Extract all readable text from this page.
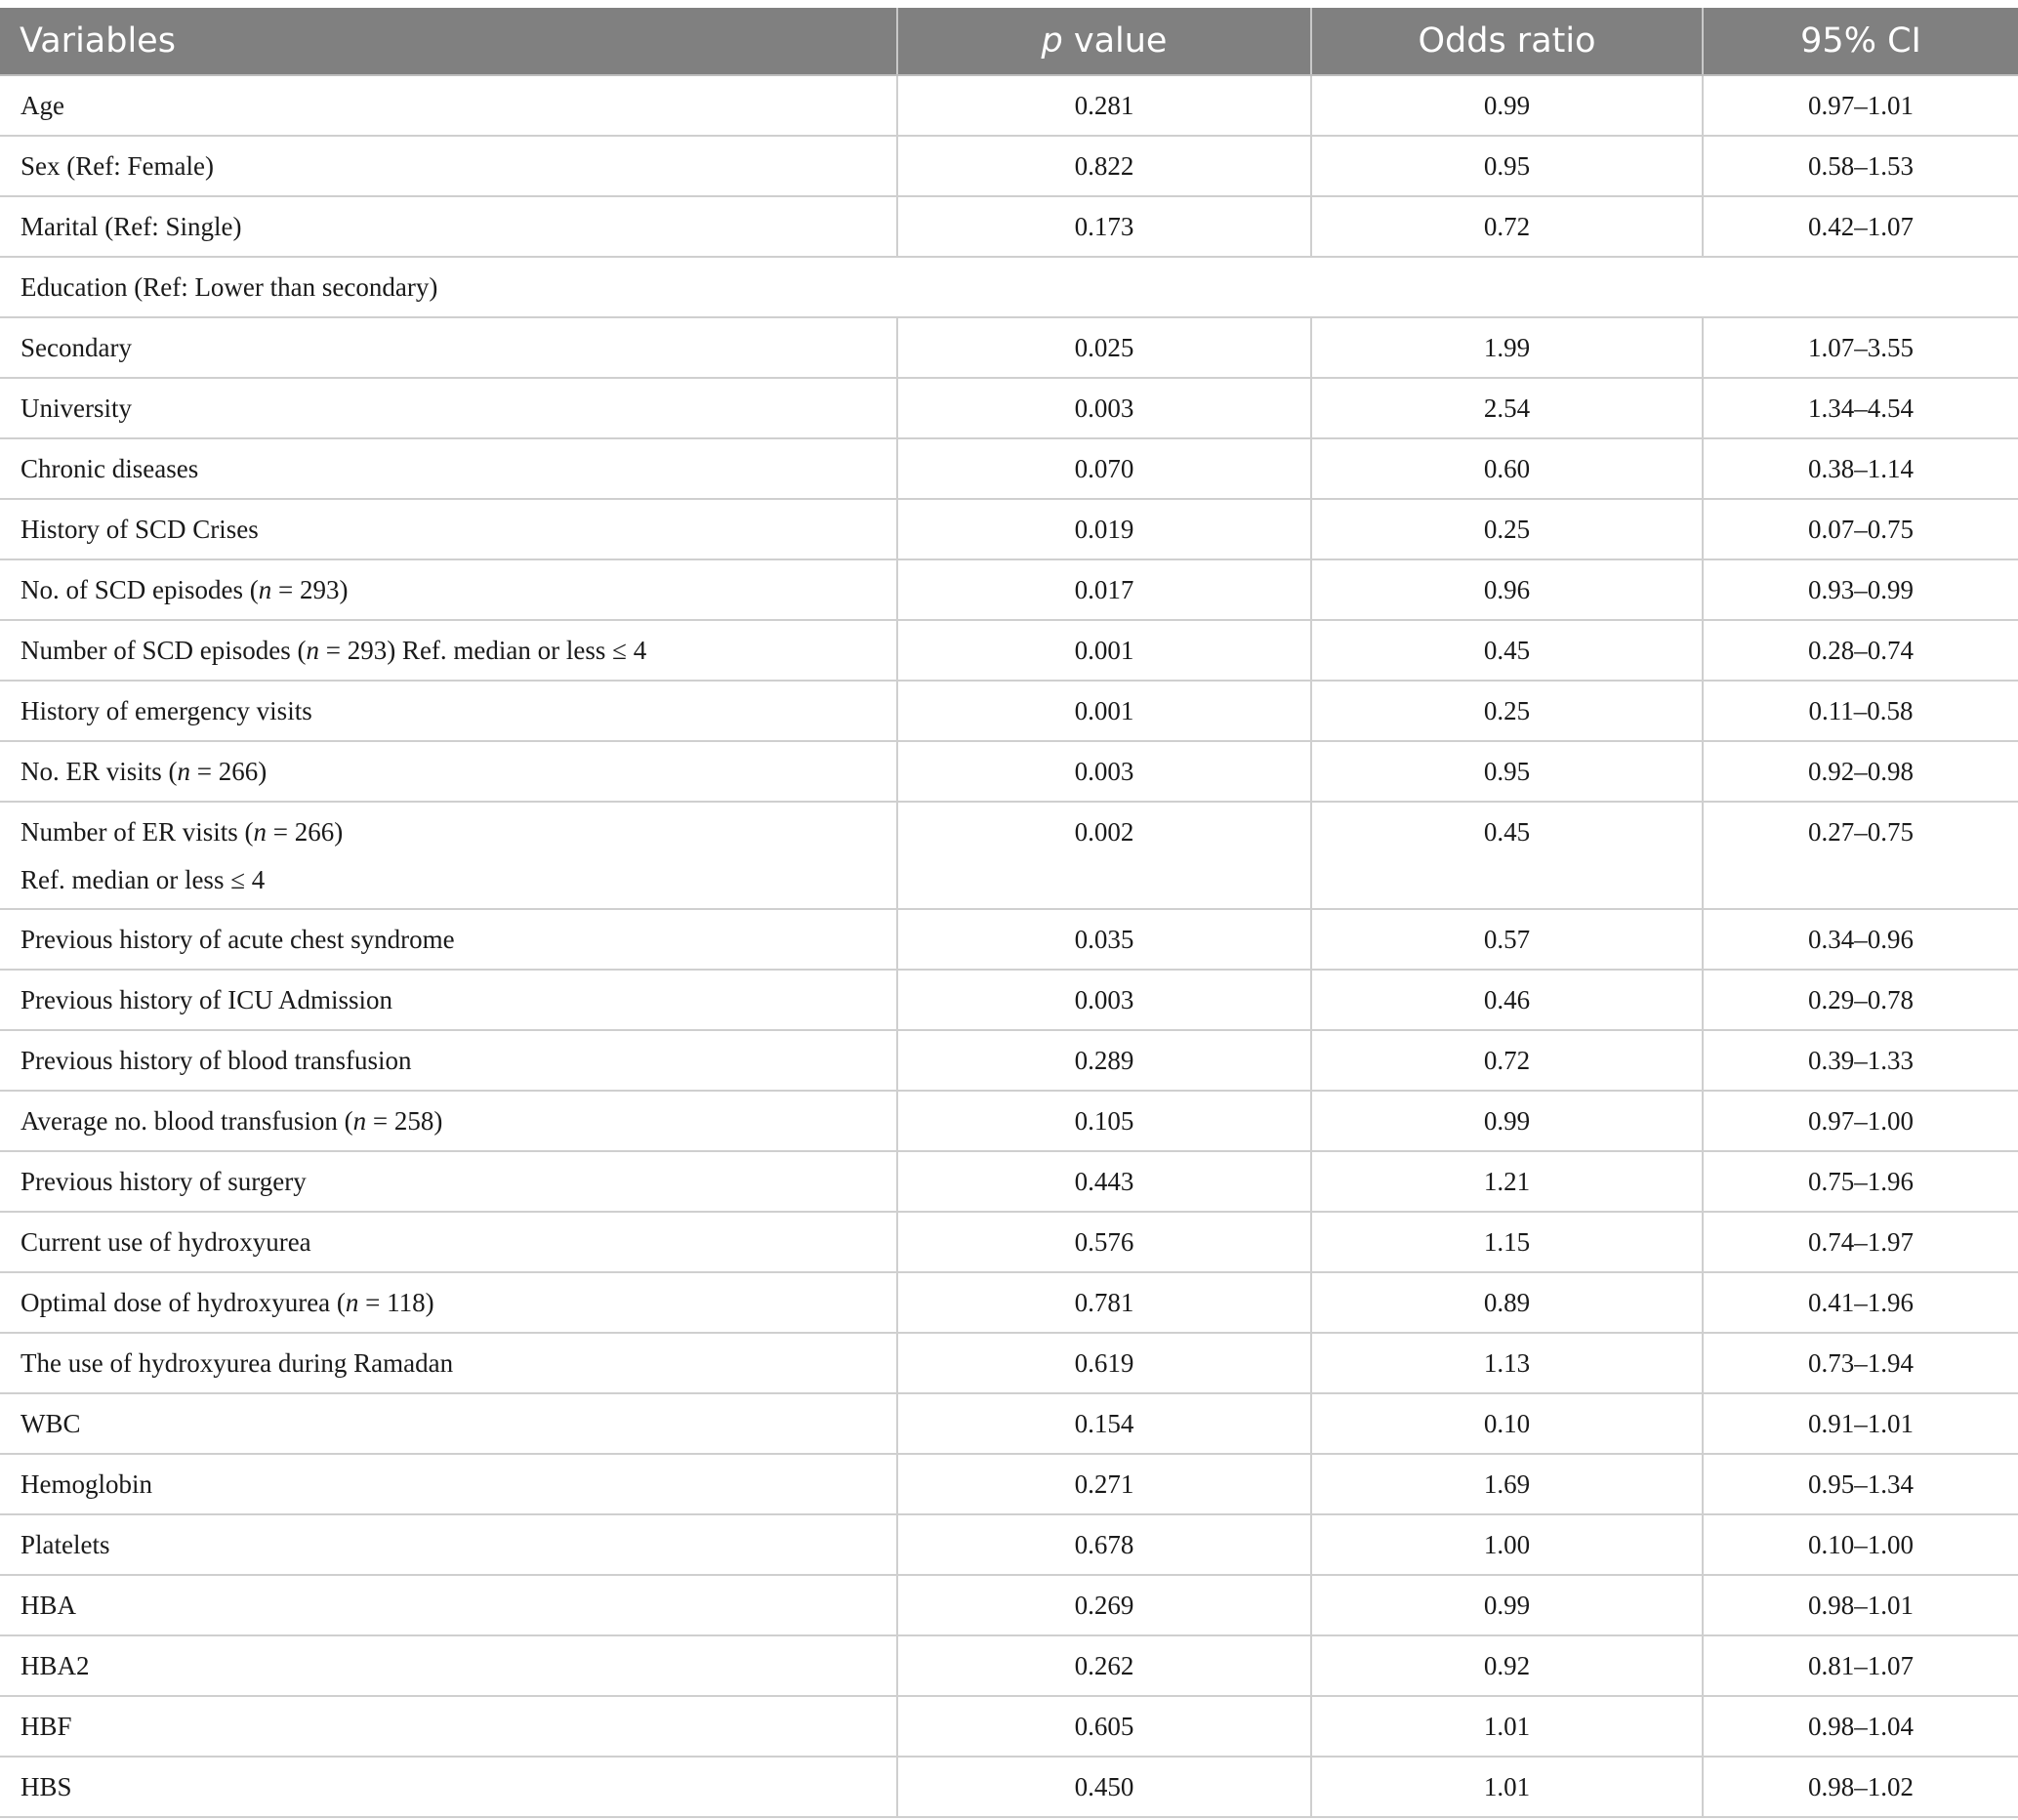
Variables	p value	Odds ratio	95% CI
Age	0.281	0.99	0.97–1.01
Sex (Ref: Female)	0.822	0.95	0.58–1.53
Marital (Ref: Single)	0.173	0.72	0.42–1.07
Education (Ref: Lower than secondary)			
Secondary	0.025	1.99	1.07–3.55
University	0.003	2.54	1.34–4.54
Chronic diseases	0.070	0.60	0.38–1.14
History of SCD Crises	0.019	0.25	0.07–0.75
No. of SCD episodes (n = 293)	0.017	0.96	0.93–0.99
Number of SCD episodes (n = 293) Ref. median or less ≤ 4	0.001	0.45	0.28–0.74
History of emergency visits	0.001	0.25	0.11–0.58
No. ER visits (n = 266)	0.003	0.95	0.92–0.98

Number of ER visits (n = 266)
Ref. median or less ≤ 4	0.002	0.45	0.27–0.75

Previous history of acute chest syndrome	0.035	0.57	0.34–0.96
Previous history of ICU Admission	0.003	0.46	0.29–0.78
Previous history of blood transfusion	0.289	0.72	0.39–1.33
Average no. blood transfusion (n = 258)	0.105	0.99	0.97–1.00
Previous history of surgery	0.443	1.21	0.75–1.96
Current use of hydroxyurea	0.576	1.15	0.74–1.97
Optimal dose of hydroxyurea (n = 118)	0.781	0.89	0.41–1.96
The use of hydroxyurea during Ramadan	0.619	1.13	0.73–1.94
WBC	0.154	0.10	0.91–1.01
Hemoglobin	0.271	1.69	0.95–1.34
Platelets	0.678	1.00	0.10–1.00
HBA	0.269	0.99	0.98–1.01
HBA2	0.262	0.92	0.81–1.07
HBF	0.605	1.01	0.98–1.04
HBS	0.450	1.01	0.98–1.02
